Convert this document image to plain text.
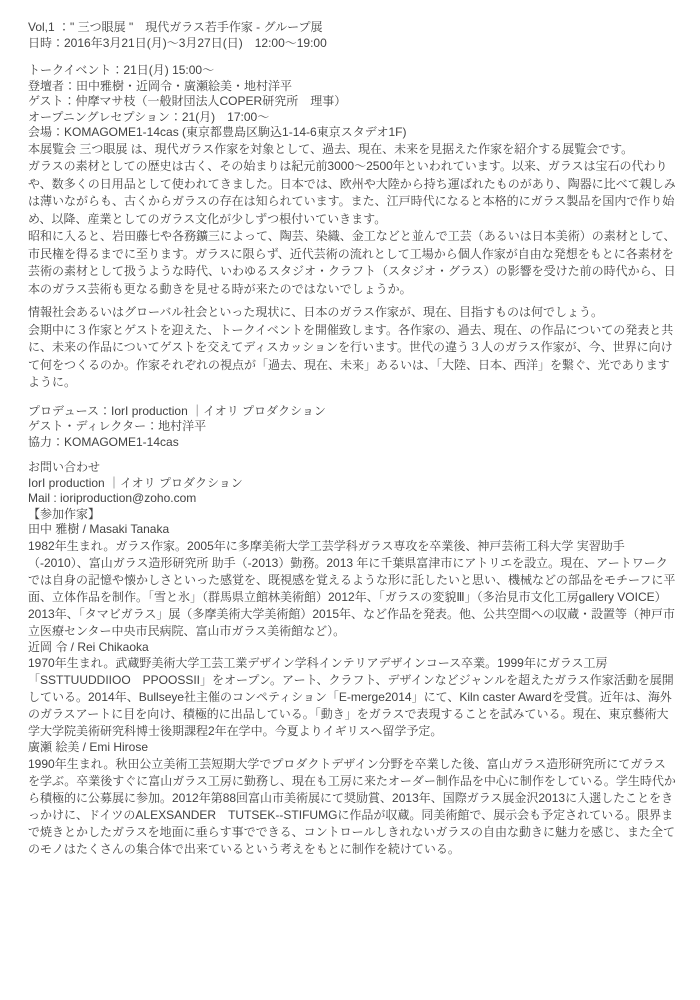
Vol,1 ：" 三つ眼展 "　現代ガラス若手作家 - グループ展

日時：2016年3月21日(月)〜3月27日(日)　12:00〜19:00

トークイベント：21日(月) 15:00〜

登壇者：田中雅樹・近岡令・廣瀬絵美・地村洋平

ゲスト：仲摩マサ枝（一般財団法人COPER研究所　理事）

オープニングレセプション：21(月)　17:00〜

会場：KOMAGOME1-14cas (東京都豊島区駒込1-14-6東京スタデオ1F)

本展覧会 三つ眼展 は、現代ガラス作家を対象として、過去、現在、未来を見据えた作家を紹介する展覧会です。

ガラスの素材としての歴史は古く、その始まりは紀元前3000〜2500年といわれています。以来、ガラスは宝石の代わりや、数多くの日用品として使われてきました。日本では、欧州や大陸から持ち運ばれたものがあり、陶器に比べて親しみは薄いながらも、古くからガラスの存在は知られています。また、江戸時代になると本格的にガラス製品を国内で作り始め、以降、産業としてのガラス文化が少しずつ根付いていきます。

昭和に入ると、岩田藤七や各務鑛三によって、陶芸、染織、金工などと並んで工芸（あるいは日本美術）の素材として、市民権を得るまでに至ります。ガラスに限らず、近代芸術の流れとして工場から個人作家が自由な発想をもとに各素材を芸術の素材として扱うような時代、いわゆるスタジオ・クラフト（スタジオ・グラス）の影響を受けた前の時代から、日本のガラス芸術も更なる動きを見せる時が来たのではないでしょうか。

情報社会あるいはグローバル社会といった現状に、日本のガラス作家が、現在、目指すものは何でしょう。

会期中に３作家とゲストを迎えた、トークイベントを開催致します。各作家の、過去、現在、の作品についての発表と共に、未来の作品についてゲストを交えてディスカッションを行います。世代の違う３人のガラス作家が、今、世界に向けて何をつくるのか。作家それぞれの視点が「過去、現在、未来」あるいは、「大陸、日本、西洋」を繋ぐ、光でありますように。

プロデュース：IorI production ｜イオリ プロダクション

ゲスト・ディレクター：地村洋平

協力：KOMAGOME1-14cas

お問い合わせ

IorI production ｜イオリ プロダクション

Mail : ioriproduction@zoho.com

【参加作家】

田中 雅樹 / Masaki Tanaka

1982年生まれ。ガラス作家。2005年に多摩美術大学工芸学科ガラス専攻を卒業後、神戸芸術工科大学 実習助手（-2010）、富山ガラス造形研究所 助手（-2013）勤務。2013 年に千葉県富津市にアトリエを設立。現在、アートワークでは自身の記憶や懐かしさといった感覚を、既視感を覚えるような形に託したいと思い、機械などの部品をモチーフに平面、立体作品を制作。「雪と氷」（群馬県立館林美術館）2012年、「ガラスの変貌Ⅲ」（多治見市文化工房gallery VOICE）2013年、「タマビガラス」展（多摩美術大学美術館）2015年、など作品を発表。他、公共空間への収蔵・設置等（神戸市立医療センター中央市民病院、富山市ガラス美術館など）。

近岡 令 / Rei Chikaoka

1970年生まれ。武蔵野美術大学工芸工業デザイン学科インテリアデザインコース卒業。1999年にガラス工房「SSTTUUDDIIOO　PPOOSSII」をオープン。アート、クラフト、デザインなどジャンルを超えたガラス作家活動を展開している。2014年、Bullseye社主催のコンペティション「E-merge2014」にて、Kiln caster Awardを受賞。近年は、海外のガラスアートに目を向け、積極的に出品している。「動き」をガラスで表現することを試みている。現在、東京藝術大学大学院美術研究科博士後期課程2年在学中。今夏よりイギリスへ留学予定。

廣瀬 絵美 / Emi Hirose

1990年生まれ。秋田公立美術工芸短期大学でプロダクトデザイン分野を卒業した後、富山ガラス造形研究所にてガラスを学ぶ。卒業後すぐに富山ガラス工房に勤務し、現在も工房に来たオーダー制作品を中心に制作をしている。学生時代から積極的に公募展に参加。2012年第88回富山市美術展にて奨励賞、2013年、国際ガラス展金沢2013に入選したことをきっかけに、ドイツのALEXSANDER　TUTSEK--STIFUMGに作品が収蔵。同美術館で、展示会も予定されている。限界まで焼きとかしたガラスを地面に垂らす事でできる、コントロールしきれないガラスの自由な動きに魅力を感じ、また全てのモノはたくさんの集合体で出来ているという考えをもとに制作を続けている。
